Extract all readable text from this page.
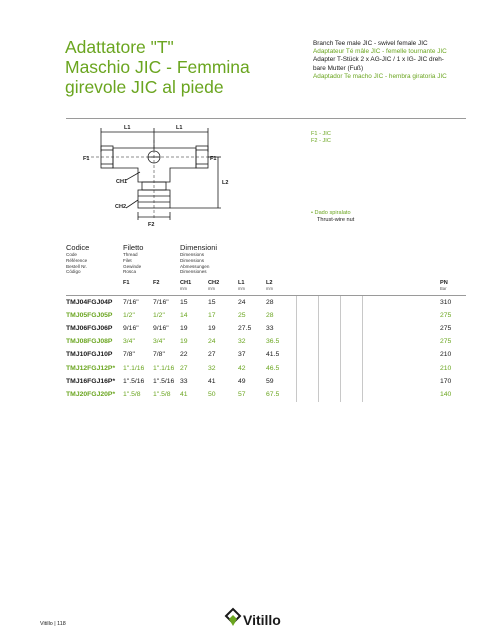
Adattatore "T"
Maschio JIC - Femmina
girevole JIC al piede
Branch Tee male JIC - swivel female JIC
Adaptateur Té mâle JIC - femelle tournante JIC
Adapter T-Stück 2 x AG-JIC / 1 x IG- JIC dreh-
bare Mutter (Fuß)
Adaptador Te macho JIC - hembra giratoria JIC
L1	L1
F1	F1
L2
CH1
CH2
F2
F1 - JIC
F2 - JIC
• Dado spiralato
Thrust-wire nut
Codice
Code
Référence
Bestell Nr.
Código
Filetto
Thread
Filet
Gewinde
Rosca
Dimensioni
Dimensions
Dimensions
Abmessungen
Dimensiones
F1	F2	CH1
mm
CH2
mm
L1
mm
L2
mm
PN
Bar
TMJ04FGJ04P 7/16" 7/16" 15	15	24	28	310
TMJ05FGJ05P 1/2"	1/2" 14	17	25	28	275
TMJ06FGJ06P 9/16" 9/16" 19	19	27.5 33	275
TMJ08FGJ08P 3/4"	3/4" 19	24	32	36.5	275
TMJ10FGJ10P 7/8"	7/8" 22	27	37	41.5	210
TMJ12FGJ12P* 1".1/16 1".1/16 27	32	42	46.5	210
TMJ16FGJ16P* 1".5/16 1".5/16 33	41	49	59	170
TMJ20FGJ20P* 1".5/8 1".5/8 41	50	57	67.5	140
Vitillo | 118	Vitillo
